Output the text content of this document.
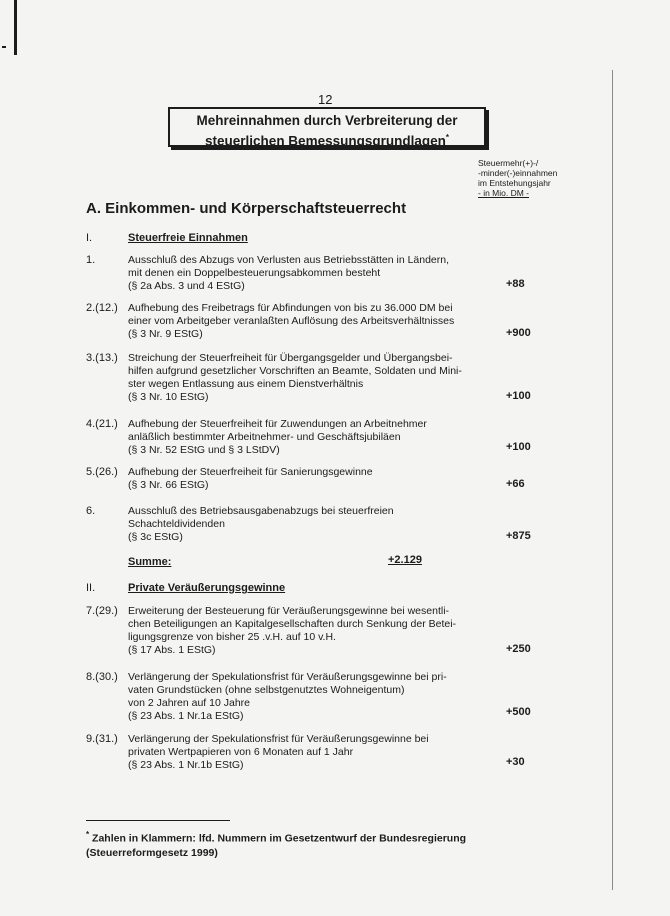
12
Mehreinnahmen durch Verbreiterung der
steuerlichen Bemessungsgrundlagen*
Steuermehr(+)-/
-minder(-)einnahmen
im Entstehungsjahr
- in Mio. DM -
A. Einkommen- und Körperschaftsteuerrecht
I.	Steuerfreie Einnahmen
1.	Ausschluß des Abzugs von Verlusten aus Betriebsstätten in Ländern,
mit denen ein Doppelbesteuerungsabkommen besteht
(§ 2a Abs. 3 und 4 EStG)	+88
2.(12.) Aufhebung des Freibetrags für Abfindungen von bis zu 36.000 DM bei
einer vom Arbeitgeber veranlaßten Auflösung des Arbeitsverhältnisses
(§ 3 Nr. 9 EStG)	+900
3.(13.) Streichung der Steuerfreiheit für Übergangsgelder und Übergangsbei-
hilfen aufgrund gesetzlicher Vorschriften an Beamte, Soldaten und Mini-
ster wegen Entlassung aus einem Dienstverhältnis
(§ 3 Nr. 10 EStG)	+100
4.(21.) Aufhebung der Steuerfreiheit für Zuwendungen an Arbeitnehmer
anläßlich bestimmter Arbeitnehmer- und Geschäftsjubiläen
(§ 3 Nr. 52 EStG und § 3 LStDV)	+100
5.(26.) Aufhebung der Steuerfreiheit für Sanierungsgewinne
(§ 3 Nr. 66 EStG)	+66
6.	Ausschluß des Betriebsausgabenabzugs bei steuerfreien
Schachteldividenden
(§ 3c EStG)	+875
Summe:	+2.129
II.	Private Veräußerungsgewinne
7.(29.) Erweiterung der Besteuerung für Veräußerungsgewinne bei wesentli-
chen Beteiligungen an Kapitalgesellschaften durch Senkung der Betei-
ligungsgrenze von bisher 25 .v.H. auf 10 v.H.
(§ 17 Abs. 1 EStG)	+250
8.(30.) Verlängerung der Spekulationsfrist für Veräußerungsgewinne bei pri-
vaten Grundstücken (ohne selbstgenutztes Wohneigentum)
von 2 Jahren auf 10 Jahre
(§ 23 Abs. 1 Nr.1a EStG)	+500
9.(31.) Verlängerung der Spekulationsfrist für Veräußerungsgewinne bei
privaten Wertpapieren von 6 Monaten auf 1 Jahr
(§ 23 Abs. 1 Nr.1b EStG)	+30
* Zahlen in Klammern: lfd. Nummern im Gesetzentwurf der Bundesregierung
(Steuerreformgesetz 1999)
